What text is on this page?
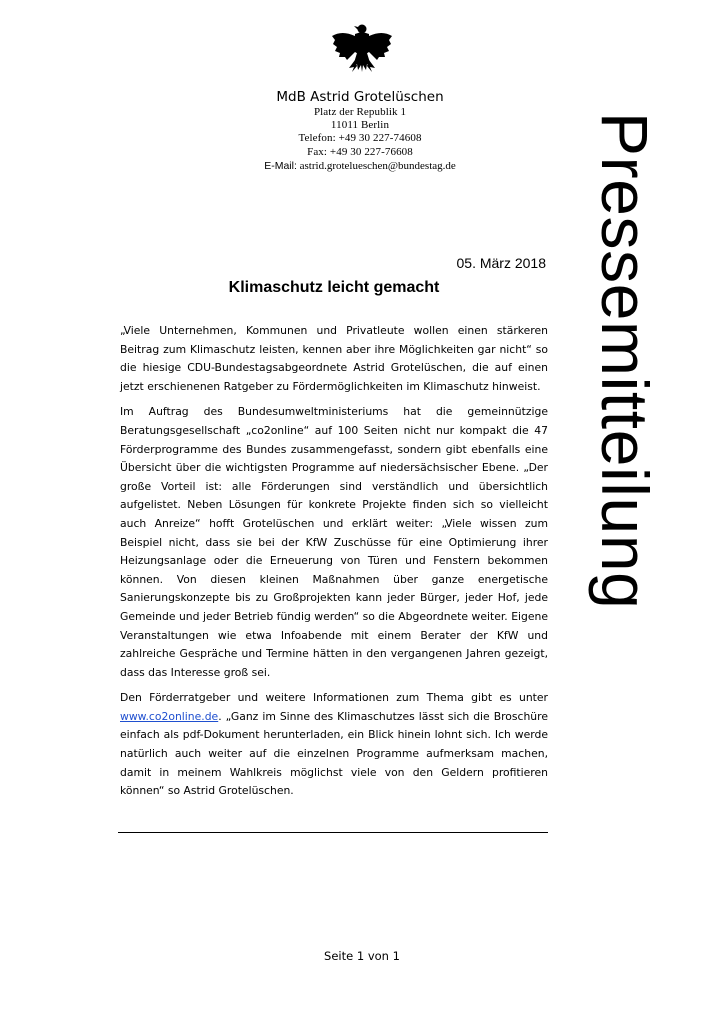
MdB Astrid Grotelüschen
Platz der Republik 1
11011 Berlin
Telefon: +49 30 227-74608
Fax: +49 30 227-76608
E-Mail: astrid.grotelueschen@bundestag.de	Pressemitteilung
05. März 2018
Klimaschutz leicht gemacht

„Viele Unternehmen, Kommunen und Privatleute wollen einen stärkeren Beitrag zum Klimaschutz leisten, kennen aber ihre Möglichkeiten gar nicht“ so die hiesige CDU-Bundestagsabgeordnete Astrid Grotelüschen, die auf einen jetzt erschienenen Ratgeber zu Fördermöglichkeiten im Klimaschutz hinweist.

Im Auftrag des Bundesumweltministeriums hat die gemeinnützige Beratungsgesellschaft „co2online“ auf 100 Seiten nicht nur kompakt die 47 Förderprogramme des Bundes zusammengefasst, sondern gibt ebenfalls eine Übersicht über die wichtigsten Programme auf niedersächsischer Ebene. „Der große Vorteil ist: alle Förderungen sind verständlich und übersichtlich aufgelistet. Neben Lösungen für konkrete Projekte finden sich so vielleicht auch Anreize“ hofft Grotelüschen und erklärt weiter: „Viele wissen zum Beispiel nicht, dass sie bei der KfW Zuschüsse für eine Optimierung ihrer Heizungsanlage oder die Erneuerung von Türen und Fenstern bekommen können. Von diesen kleinen Maßnahmen über ganze energetische Sanierungskonzepte bis zu Großprojekten kann jeder Bürger, jeder Hof, jede Gemeinde und jeder Betrieb fündig werden“ so die Abgeordnete weiter. Eigene Veranstaltungen wie etwa Infoabende mit einem Berater der KfW und zahlreiche Gespräche und Termine hätten in den vergangenen Jahren gezeigt, dass das Interesse groß sei.

Den Förderratgeber und weitere Informationen zum Thema gibt es unter www.co2online.de. „Ganz im Sinne des Klimaschutzes lässt sich die Broschüre einfach als pdf-Dokument herunterladen, ein Blick hinein lohnt sich. Ich werde natürlich auch weiter auf die einzelnen Programme aufmerksam machen, damit in meinem Wahlkreis möglichst viele von den Geldern profitieren können“ so Astrid Grotelüschen.

Seite 1 von 1
